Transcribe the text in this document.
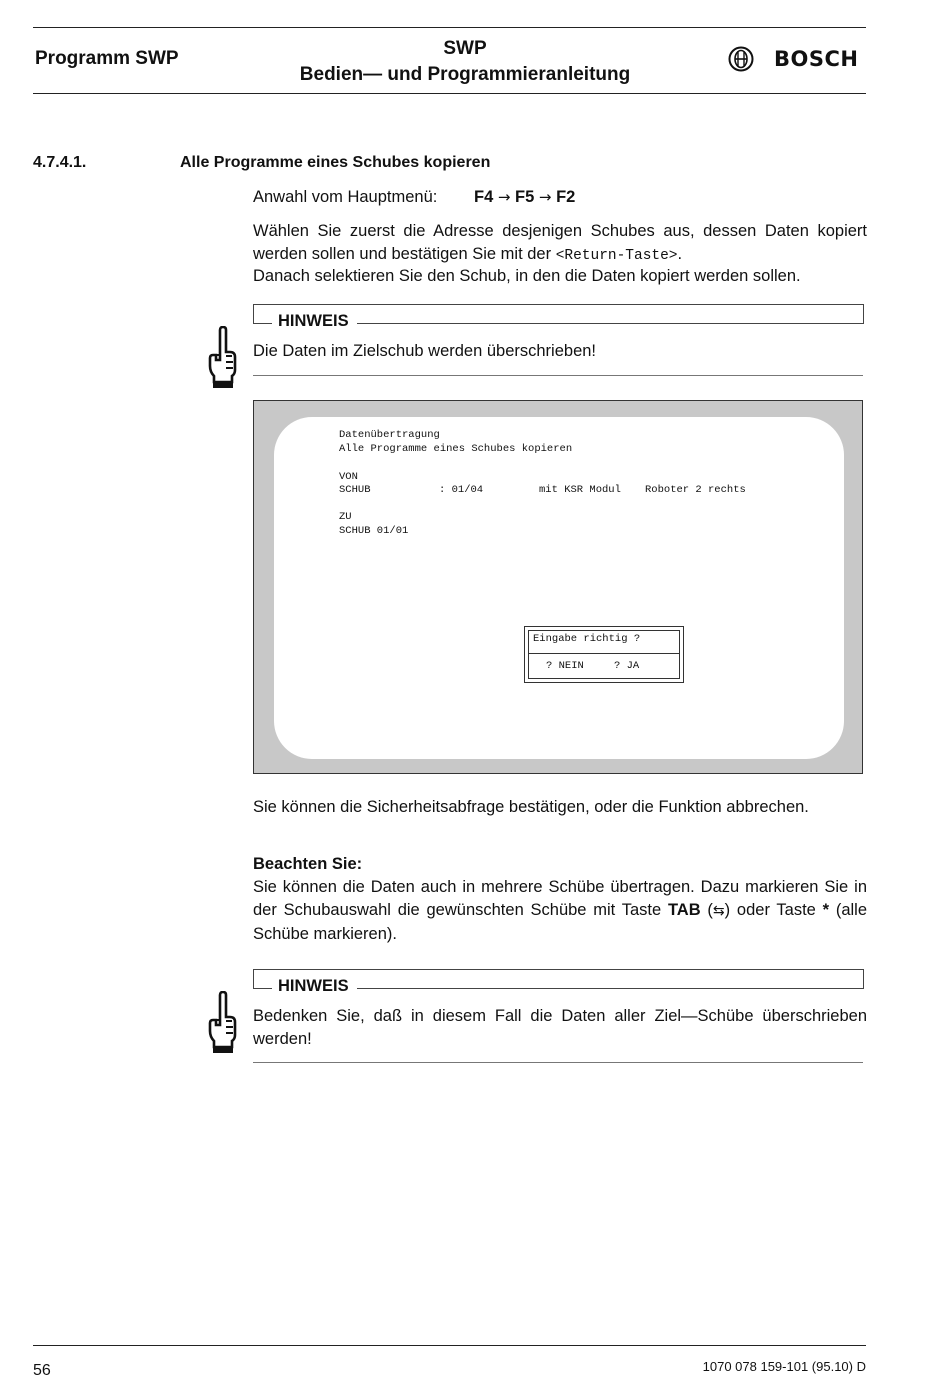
Programm SWP	SWP
Bedien— und Programmieranleitung
BOSCH
4.7.4.1.	Alle Programme eines Schubes kopieren
Anwahl vom Hauptmenü: F4 → F5 → F2
Wählen Sie zuerst die Adresse desjenigen Schubes aus, dessen Daten kopiert werden sollen und bestätigen Sie mit der <Return-Taste>.
Danach selektieren Sie den Schub, in den die Daten kopiert werden sollen.
HINWEIS
Die Daten im Zielschub werden überschrieben!
Datenübertragung
Alle Programme eines Schubes kopieren
VON
SCHUB	: 01/04	mit KSR Modul Roboter 2 rechts
ZU
SCHUB 01/01
Eingabe richtig ?
? NEIN	? JA
Sie können die Sicherheitsabfrage bestätigen, oder die Funktion abbrechen.
Beachten Sie:
Sie können die Daten auch in mehrere Schübe übertragen. Dazu markieren Sie in der Schubauswahl die gewünschten Schübe mit Taste TAB (⇆) oder Taste * (alle Schübe markieren).
HINWEIS
Bedenken Sie, daß in diesem Fall die Daten aller Ziel—Schübe überschrieben werden!
56	1070 078 159-101 (95.10) D
